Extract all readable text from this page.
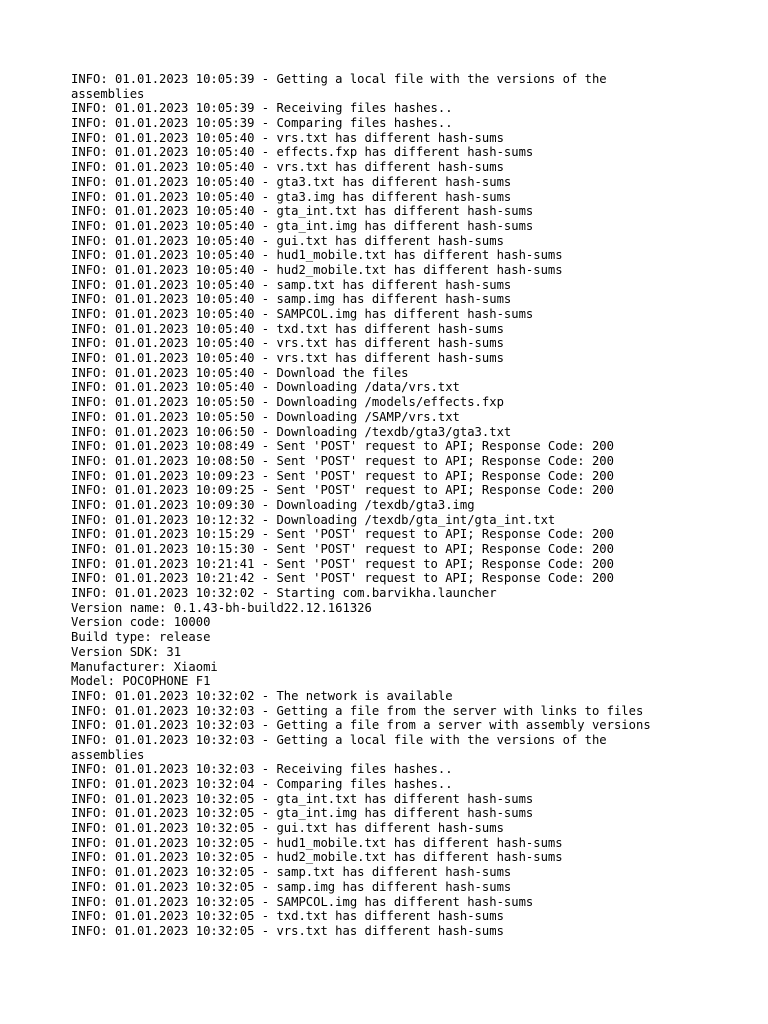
INFO: 01.01.2023 10:05:39 - Getting a local file with the versions of the
assemblies
INFO: 01.01.2023 10:05:39 - Receiving files hashes..
INFO: 01.01.2023 10:05:39 - Comparing files hashes..
INFO: 01.01.2023 10:05:40 - vrs.txt has different hash-sums
INFO: 01.01.2023 10:05:40 - effects.fxp has different hash-sums
INFO: 01.01.2023 10:05:40 - vrs.txt has different hash-sums
INFO: 01.01.2023 10:05:40 - gta3.txt has different hash-sums
INFO: 01.01.2023 10:05:40 - gta3.img has different hash-sums
INFO: 01.01.2023 10:05:40 - gta_int.txt has different hash-sums
INFO: 01.01.2023 10:05:40 - gta_int.img has different hash-sums
INFO: 01.01.2023 10:05:40 - gui.txt has different hash-sums
INFO: 01.01.2023 10:05:40 - hud1_mobile.txt has different hash-sums
INFO: 01.01.2023 10:05:40 - hud2_mobile.txt has different hash-sums
INFO: 01.01.2023 10:05:40 - samp.txt has different hash-sums
INFO: 01.01.2023 10:05:40 - samp.img has different hash-sums
INFO: 01.01.2023 10:05:40 - SAMPCOL.img has different hash-sums
INFO: 01.01.2023 10:05:40 - txd.txt has different hash-sums
INFO: 01.01.2023 10:05:40 - vrs.txt has different hash-sums
INFO: 01.01.2023 10:05:40 - vrs.txt has different hash-sums
INFO: 01.01.2023 10:05:40 - Download the files
INFO: 01.01.2023 10:05:40 - Downloading /data/vrs.txt
INFO: 01.01.2023 10:05:50 - Downloading /models/effects.fxp
INFO: 01.01.2023 10:05:50 - Downloading /SAMP/vrs.txt
INFO: 01.01.2023 10:06:50 - Downloading /texdb/gta3/gta3.txt
INFO: 01.01.2023 10:08:49 - Sent 'POST' request to API; Response Code: 200
INFO: 01.01.2023 10:08:50 - Sent 'POST' request to API; Response Code: 200
INFO: 01.01.2023 10:09:23 - Sent 'POST' request to API; Response Code: 200
INFO: 01.01.2023 10:09:25 - Sent 'POST' request to API; Response Code: 200
INFO: 01.01.2023 10:09:30 - Downloading /texdb/gta3.img
INFO: 01.01.2023 10:12:32 - Downloading /texdb/gta_int/gta_int.txt
INFO: 01.01.2023 10:15:29 - Sent 'POST' request to API; Response Code: 200
INFO: 01.01.2023 10:15:30 - Sent 'POST' request to API; Response Code: 200
INFO: 01.01.2023 10:21:41 - Sent 'POST' request to API; Response Code: 200
INFO: 01.01.2023 10:21:42 - Sent 'POST' request to API; Response Code: 200
INFO: 01.01.2023 10:32:02 - Starting com.barvikha.launcher
Version name: 0.1.43-bh-build22.12.161326
Version code: 10000
Build type: release
Version SDK: 31
Manufacturer: Xiaomi
Model: POCOPHONE F1
INFO: 01.01.2023 10:32:02 - The network is available
INFO: 01.01.2023 10:32:03 - Getting a file from the server with links to files
INFO: 01.01.2023 10:32:03 - Getting a file from a server with assembly versions
INFO: 01.01.2023 10:32:03 - Getting a local file with the versions of the
assemblies
INFO: 01.01.2023 10:32:03 - Receiving files hashes..
INFO: 01.01.2023 10:32:04 - Comparing files hashes..
INFO: 01.01.2023 10:32:05 - gta_int.txt has different hash-sums
INFO: 01.01.2023 10:32:05 - gta_int.img has different hash-sums
INFO: 01.01.2023 10:32:05 - gui.txt has different hash-sums
INFO: 01.01.2023 10:32:05 - hud1_mobile.txt has different hash-sums
INFO: 01.01.2023 10:32:05 - hud2_mobile.txt has different hash-sums
INFO: 01.01.2023 10:32:05 - samp.txt has different hash-sums
INFO: 01.01.2023 10:32:05 - samp.img has different hash-sums
INFO: 01.01.2023 10:32:05 - SAMPCOL.img has different hash-sums
INFO: 01.01.2023 10:32:05 - txd.txt has different hash-sums
INFO: 01.01.2023 10:32:05 - vrs.txt has different hash-sums
